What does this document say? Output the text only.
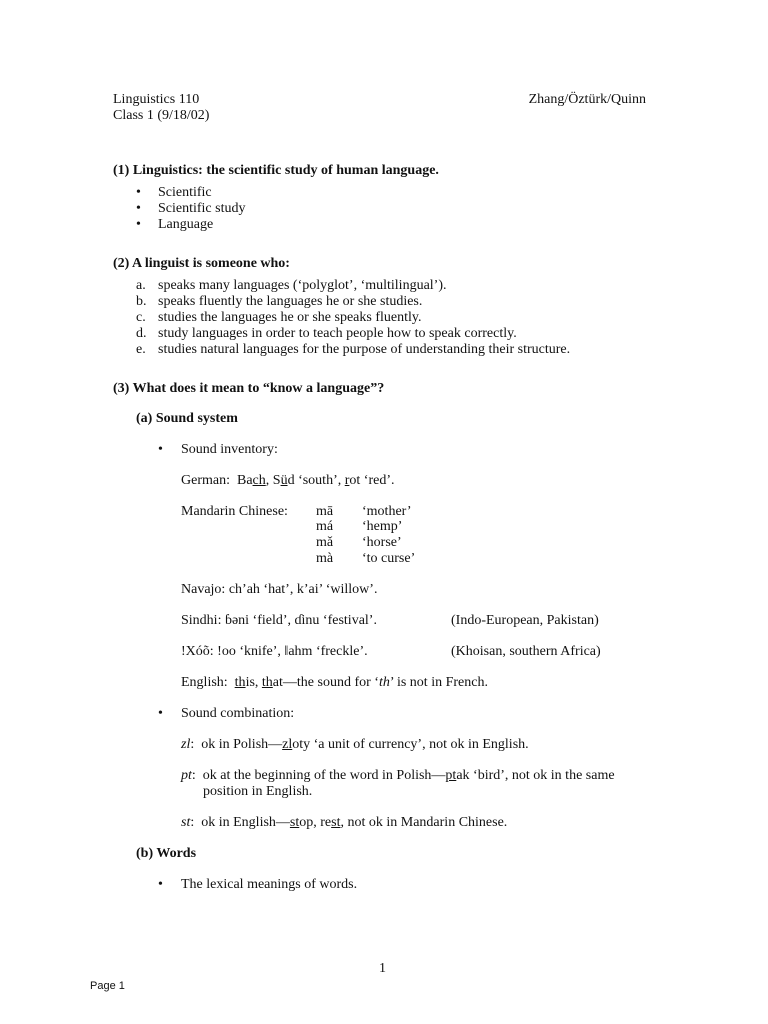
Linguistics 110
Class 1 (9/18/02)
Zhang/Öztürk/Quinn
(1) Linguistics: the scientific study of human language.
• Scientific
• Scientific study
• Language
(2) A linguist is someone who:
a. speaks many languages (‘polyglot’, ‘multilingual’).
b. speaks fluently the languages he or she studies.
c. studies the languages he or she speaks fluently.
d. study languages in order to teach people how to speak correctly.
e. studies natural languages for the purpose of understanding their structure.
(3) What does it mean to “know a language”?
(a) Sound system
• Sound inventory:
German: Bach, Süd ‘south’, rot ‘red’.
Mandarin Chinese: mā ‘mother’
má ‘hemp’
mǎ ‘horse’
mà ‘to curse’
Navajo: ch’ah ‘hat’, k’ai’ ‘willow’.
Sindhi: ɓəni ‘field’, ɗinu ‘festival’.	(Indo-European, Pakistan)
!Xóõ: !oo ‘knife’, ǁahm ‘freckle’.	(Khoisan, southern Africa)
English:  this, that—the sound for ‘th’ is not in French.
• Sound combination:
zl:  ok in Polish—zloty ‘a unit of currency’, not ok in English.
pt:  ok at the beginning of the word in Polish—ptak ‘bird’, not ok in the same
position in English.
st:  ok in English—stop, rest, not ok in Mandarin Chinese.
(b) Words
• The lexical meanings of words.
1
Page 1
